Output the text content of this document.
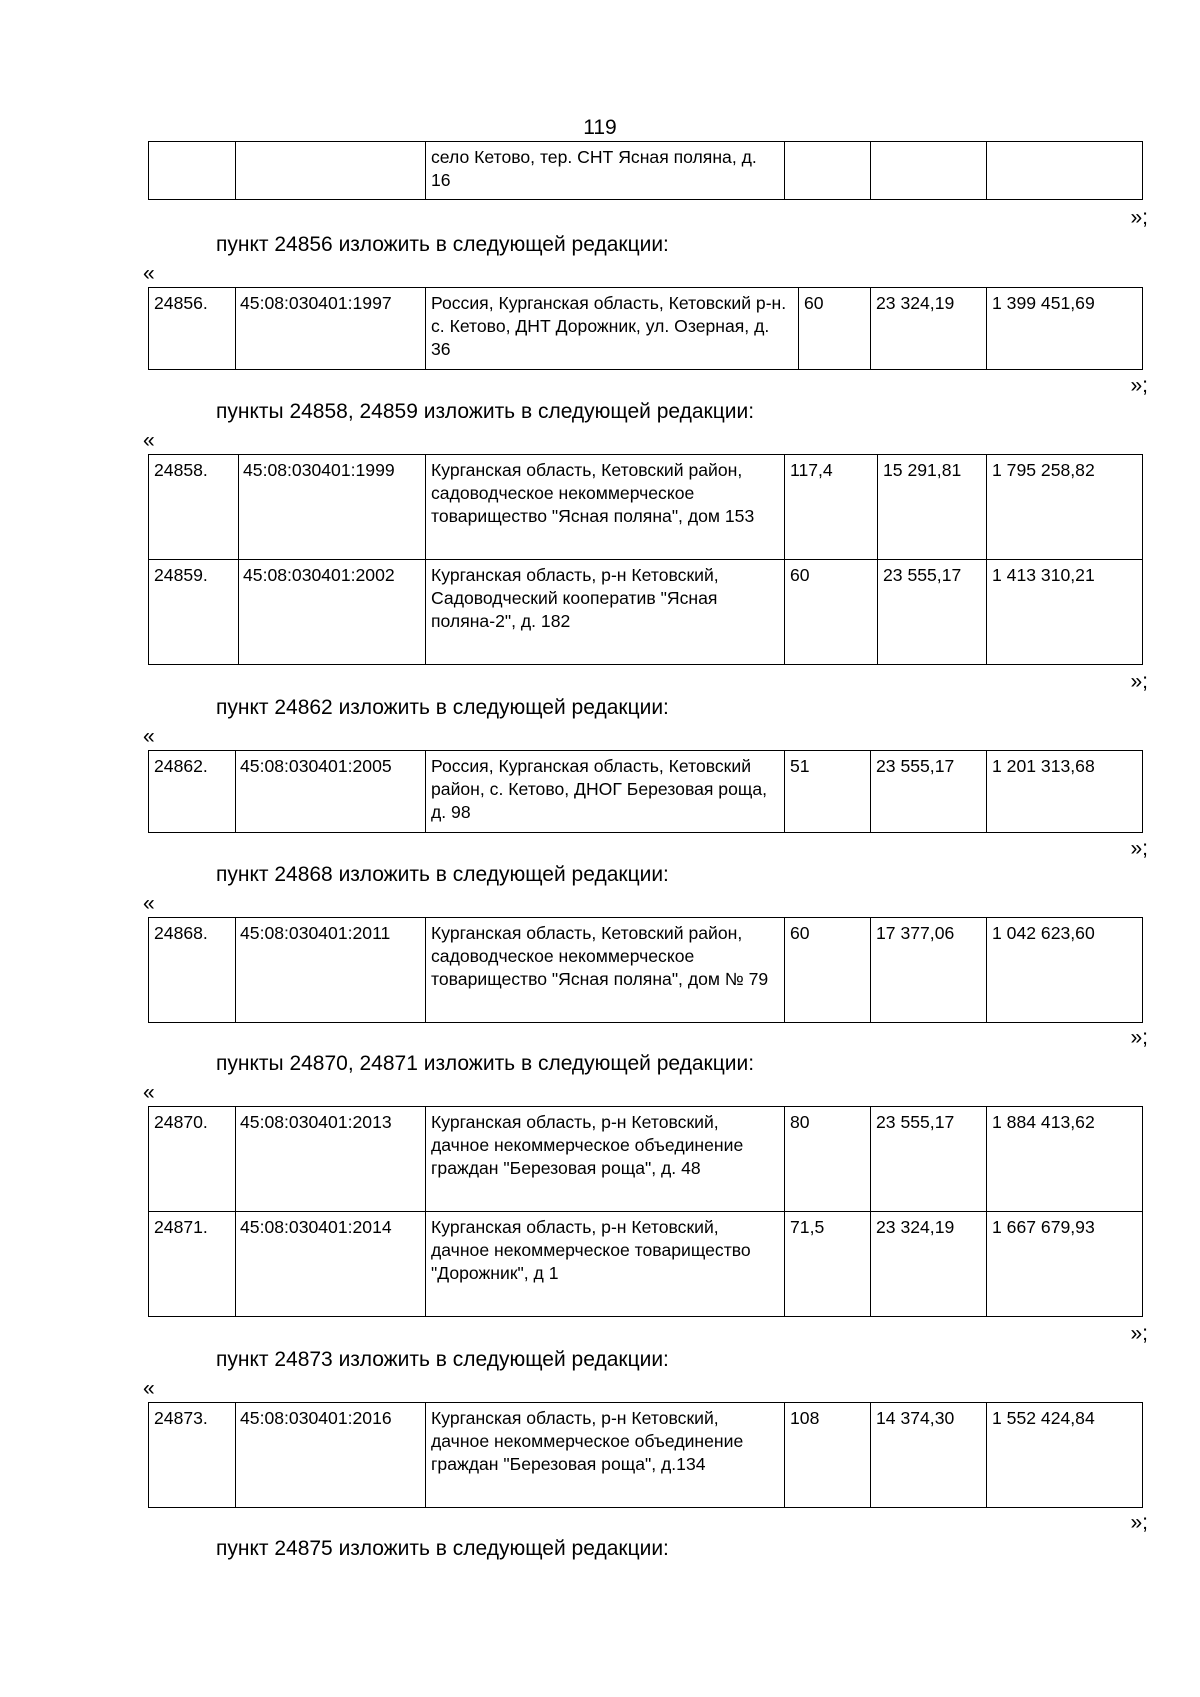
119
		село Кетово, тер. СНТ Ясная поляна, д. 16			
»;
пункт 24856 изложить в следующей редакции:
«
24856.	45:08:030401:1997	Россия, Курганская область, Кетовский р-н. с. Кетово, ДНТ Дорожник, ул. Озерная, д. 36	60	23 324,19	1 399 451,69
»;
пункты 24858, 24859 изложить в следующей редакции:
«
24858.	45:08:030401:1999	Курганская область, Кетовский район, садоводческое некоммерческое товарищество "Ясная поляна", дом 153	117,4	15 291,81	1 795 258,82
24859.	45:08:030401:2002	Курганская область, р-н Кетовский, Садоводческий кооператив "Ясная поляна-2", д. 182	60	23 555,17	1 413 310,21
»;
пункт 24862 изложить в следующей редакции:
«
24862.	45:08:030401:2005	Россия, Курганская область, Кетовский район, с. Кетово, ДНОГ Березовая роща, д. 98	51	23 555,17	1 201 313,68
»;
пункт 24868 изложить в следующей редакции:
«
24868.	45:08:030401:2011	Курганская область, Кетовский район, садоводческое некоммерческое товарищество "Ясная поляна", дом № 79	60	17 377,06	1 042 623,60
»;
пункты 24870, 24871 изложить в следующей редакции:
«
24870.	45:08:030401:2013	Курганская область, р-н Кетовский, дачное некоммерческое объединение граждан "Березовая роща", д. 48	80	23 555,17	1 884 413,62
24871.	45:08:030401:2014	Курганская область, р-н Кетовский, дачное некоммерческое товарищество "Дорожник", д 1	71,5	23 324,19	1 667 679,93
»;
пункт 24873 изложить в следующей редакции:
«
24873.	45:08:030401:2016	Курганская область, р-н Кетовский, дачное некоммерческое объединение граждан "Березовая роща", д.134	108	14 374,30	1 552 424,84
»;
пункт 24875 изложить в следующей редакции:
